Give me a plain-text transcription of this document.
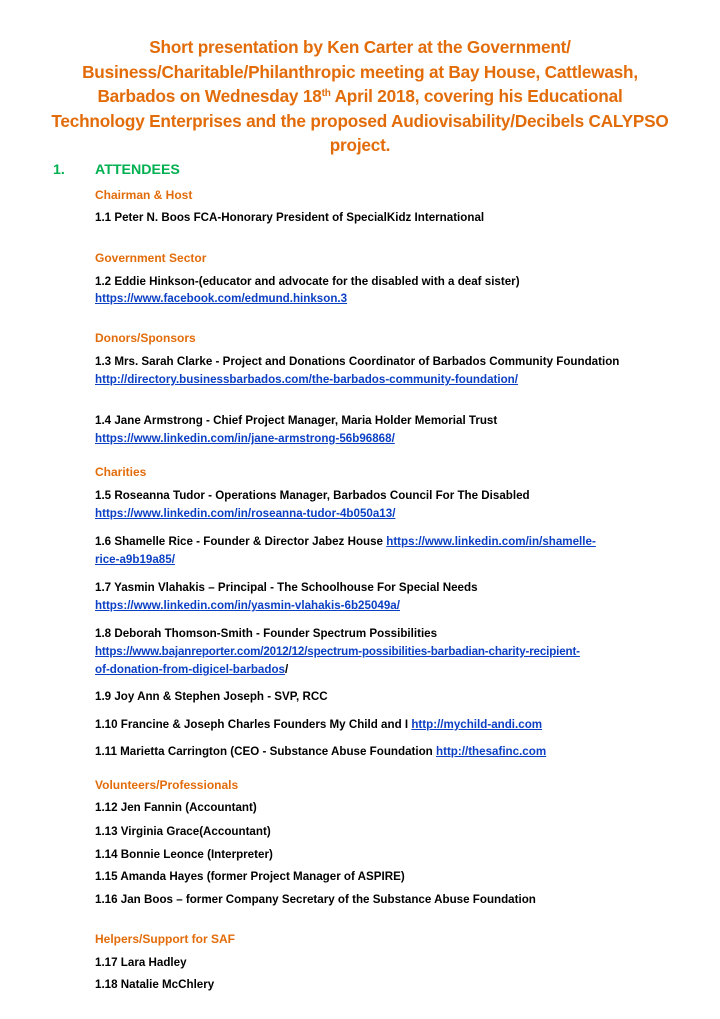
Short presentation by Ken Carter at the Government/
Business/Charitable/Philanthropic meeting at Bay House, Cattlewash,
Barbados on Wednesday 18th April 2018, covering his Educational
Technology Enterprises and the proposed Audiovisability/Decibels CALYPSO
project.
1. ATTENDEES
Chairman & Host
1.1 Peter N. Boos FCA-Honorary President of SpecialKidz International
Government Sector
1.2 Eddie Hinkson-(educator and advocate for the disabled with a deaf sister)
https://www.facebook.com/edmund.hinkson.3
Donors/Sponsors
1.3 Mrs. Sarah Clarke - Project and Donations Coordinator of Barbados Community Foundation
http://directory.businessbarbados.com/the-barbados-community-foundation/
1.4 Jane Armstrong - Chief Project Manager, Maria Holder Memorial Trust
https://www.linkedin.com/in/jane-armstrong-56b96868/
Charities
1.5 Roseanna Tudor - Operations Manager, Barbados Council For The Disabled
https://www.linkedin.com/in/roseanna-tudor-4b050a13/
1.6 Shamelle Rice - Founder & Director Jabez House https://www.linkedin.com/in/shamelle-
rice-a9b19a85/
1.7 Yasmin Vlahakis – Principal - The Schoolhouse For Special Needs
https://www.linkedin.com/in/yasmin-vlahakis-6b25049a/
1.8 Deborah Thomson-Smith - Founder Spectrum Possibilities
https://www.bajanreporter.com/2012/12/spectrum-possibilities-barbadian-charity-recipient-
of-donation-from-digicel-barbados/
1.9 Joy Ann & Stephen Joseph - SVP, RCC
1.10 Francine & Joseph Charles Founders My Child and I http://mychild-andi.com
1.11 Marietta Carrington (CEO - Substance Abuse Foundation http://thesafinc.com
Volunteers/Professionals
1.12 Jen Fannin (Accountant)
1.13 Virginia Grace(Accountant)
1.14 Bonnie Leonce (Interpreter)
1.15 Amanda Hayes (former Project Manager of ASPIRE)
1.16 Jan Boos – former Company Secretary of the Substance Abuse Foundation
Helpers/Support for SAF
1.17 Lara Hadley
1.18 Natalie McChlery
